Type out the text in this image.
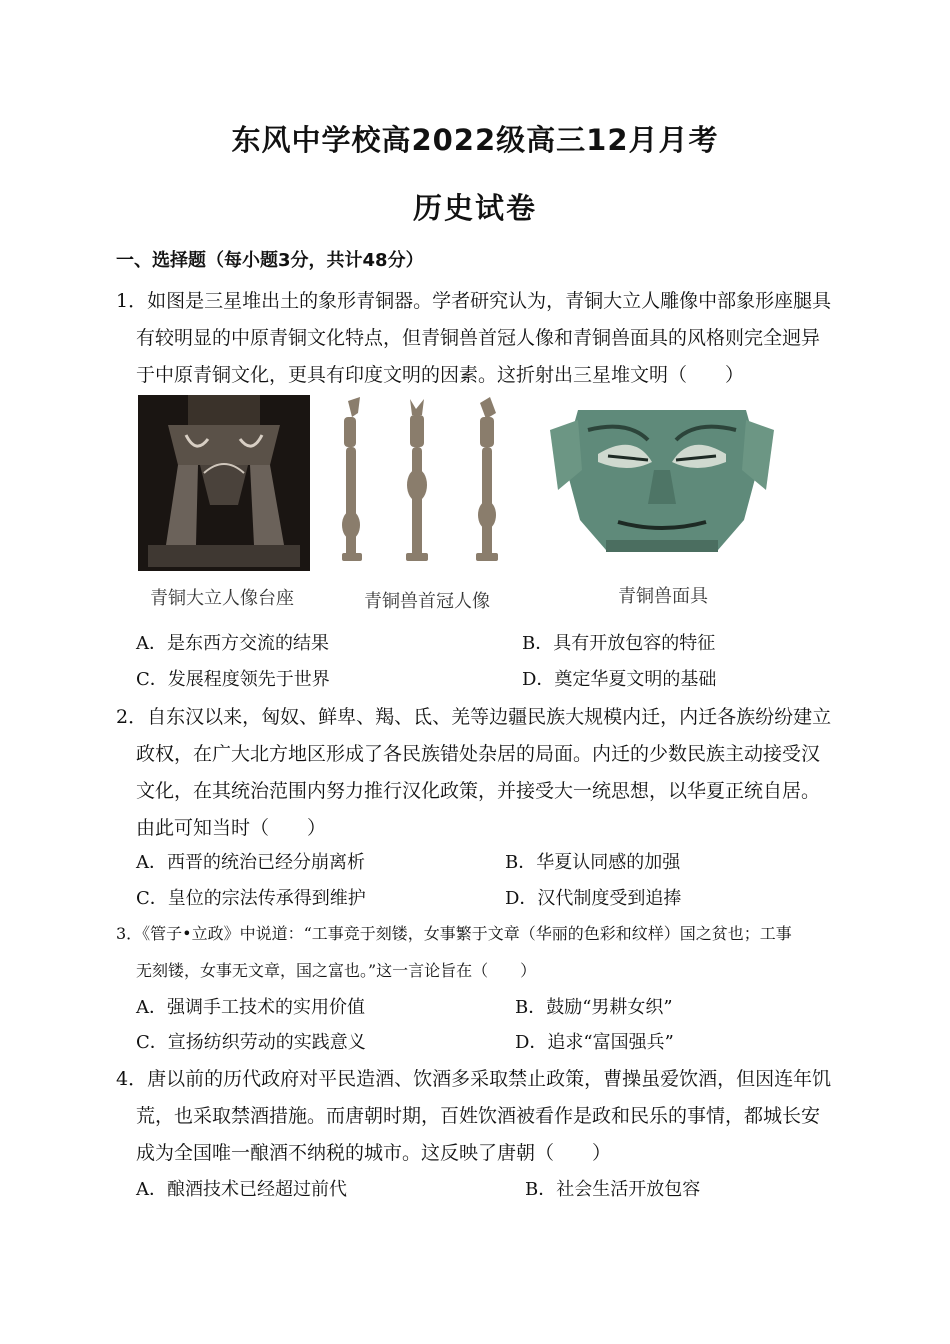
东风中学校高2022级高三12月月考
历史试卷
一、选择题（每小题3分，共计48分）
1．如图是三星堆出土的象形青铜器。学者研究认为，青铜大立人雕像中部象形座腿具
有较明显的中原青铜文化特点，但青铜兽首冠人像和青铜兽面具的风格则完全迥异
于中原青铜文化，更具有印度文明的因素。这折射出三星堆文明（　　）
青铜大立人像台座	青铜兽首冠人像	青铜兽面具
A．是东西方交流的结果	B．具有开放包容的特征
C．发展程度领先于世界	D．奠定华夏文明的基础
2．自东汉以来，匈奴、鲜卑、羯、氐、羌等边疆民族大规模内迁，内迁各族纷纷建立
政权，在广大北方地区形成了各民族错处杂居的局面。内迁的少数民族主动接受汉
文化，在其统治范围内努力推行汉化政策，并接受大一统思想，以华夏正统自居。
由此可知当时（　　）
A．西晋的统治已经分崩离析	B．华夏认同感的加强
C．皇位的宗法传承得到维护	D．汉代制度受到追捧
3．《管子•立政》中说道：“工事竞于刻镂，女事繁于文章（华丽的色彩和纹样）国之贫也；工事
无刻镂，女事无文章，国之富也。”这一言论旨在（　　）
A．强调手工技术的实用价值	B．鼓励“男耕女织”
C．宣扬纺织劳动的实践意义	D．追求“富国强兵”
4．唐以前的历代政府对平民造酒、饮酒多采取禁止政策，曹操虽爱饮酒，但因连年饥
荒，也采取禁酒措施。而唐朝时期，百姓饮酒被看作是政和民乐的事情，都城长安
成为全国唯一酿酒不纳税的城市。这反映了唐朝（　　）
A．酿酒技术已经超过前代	B．社会生活开放包容
